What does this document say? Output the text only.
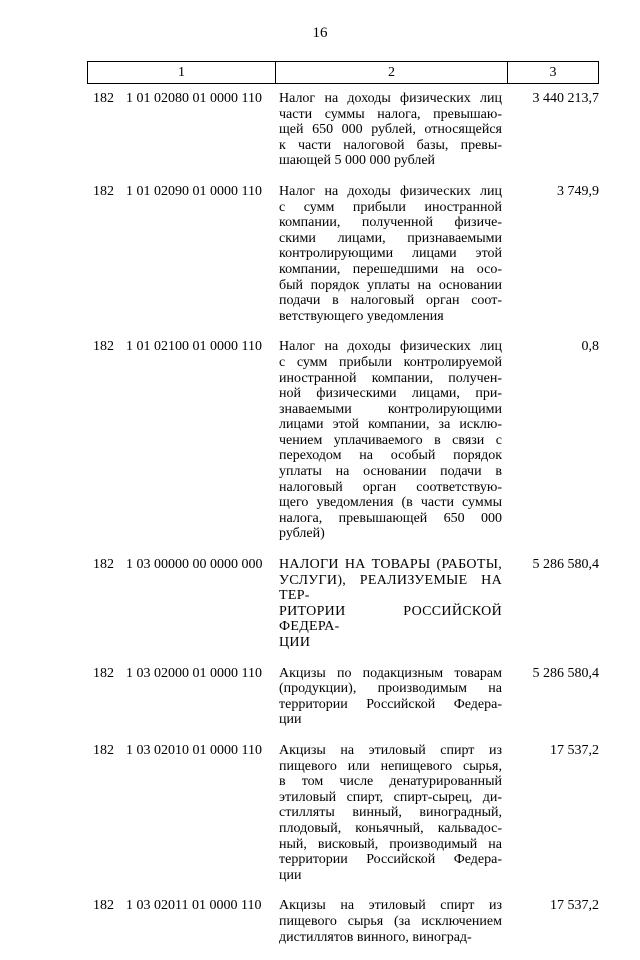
16
1	2	3
182 1 01 02080 01 0000 110 Налог на доходы физических лиц
части суммы налога, превышаю-
щей 650 000 рублей, относящейся
к части налоговой базы, превы-
шающей 5 000 000 рублей
3 440 213,7
182 1 01 02090 01 0000 110 Налог на доходы физических лиц
с сумм прибыли иностранной
компании, полученной физиче-
скими лицами, признаваемыми
контролирующими лицами этой
компании, перешедшими на осо-
бый порядок уплаты на основании
подачи в налоговый орган соот-
ветствующего уведомления
3 749,9
182 1 01 02100 01 0000 110 Налог на доходы физических лиц
с сумм прибыли контролируемой
иностранной компании, получен-
ной физическими лицами, при-
знаваемыми контролирующими
лицами этой компании, за исклю-
чением уплачиваемого в связи с
переходом на особый порядок
уплаты на основании подачи в
налоговый орган соответствую-
щего уведомления (в части суммы
налога, превышающей 650 000
рублей)
0,8
182 1 03 00000 00 0000 000 НАЛОГИ НА ТОВАРЫ (РАБОТЫ,
УСЛУГИ), РЕАЛИЗУЕМЫЕ НА ТЕР-
РИТОРИИ РОССИЙСКОЙ ФЕДЕРА-
ЦИИ
5 286 580,4
182 1 03 02000 01 0000 110 Акцизы по подакцизным товарам
(продукции), производимым на
территории Российской Федера-
ции
5 286 580,4
182 1 03 02010 01 0000 110 Акцизы на этиловый спирт из
пищевого или непищевого сырья,
в том числе денатурированный
этиловый спирт, спирт-сырец, ди-
стилляты винный, виноградный,
плодовый, коньячный, кальвадос-
ный, висковый, производимый на
территории Российской Федера-
ции
17 537,2
182 1 03 02011 01 0000 110 Акцизы на этиловый спирт из
пищевого сырья (за исключением
дистиллятов винного, виноград-
17 537,2
